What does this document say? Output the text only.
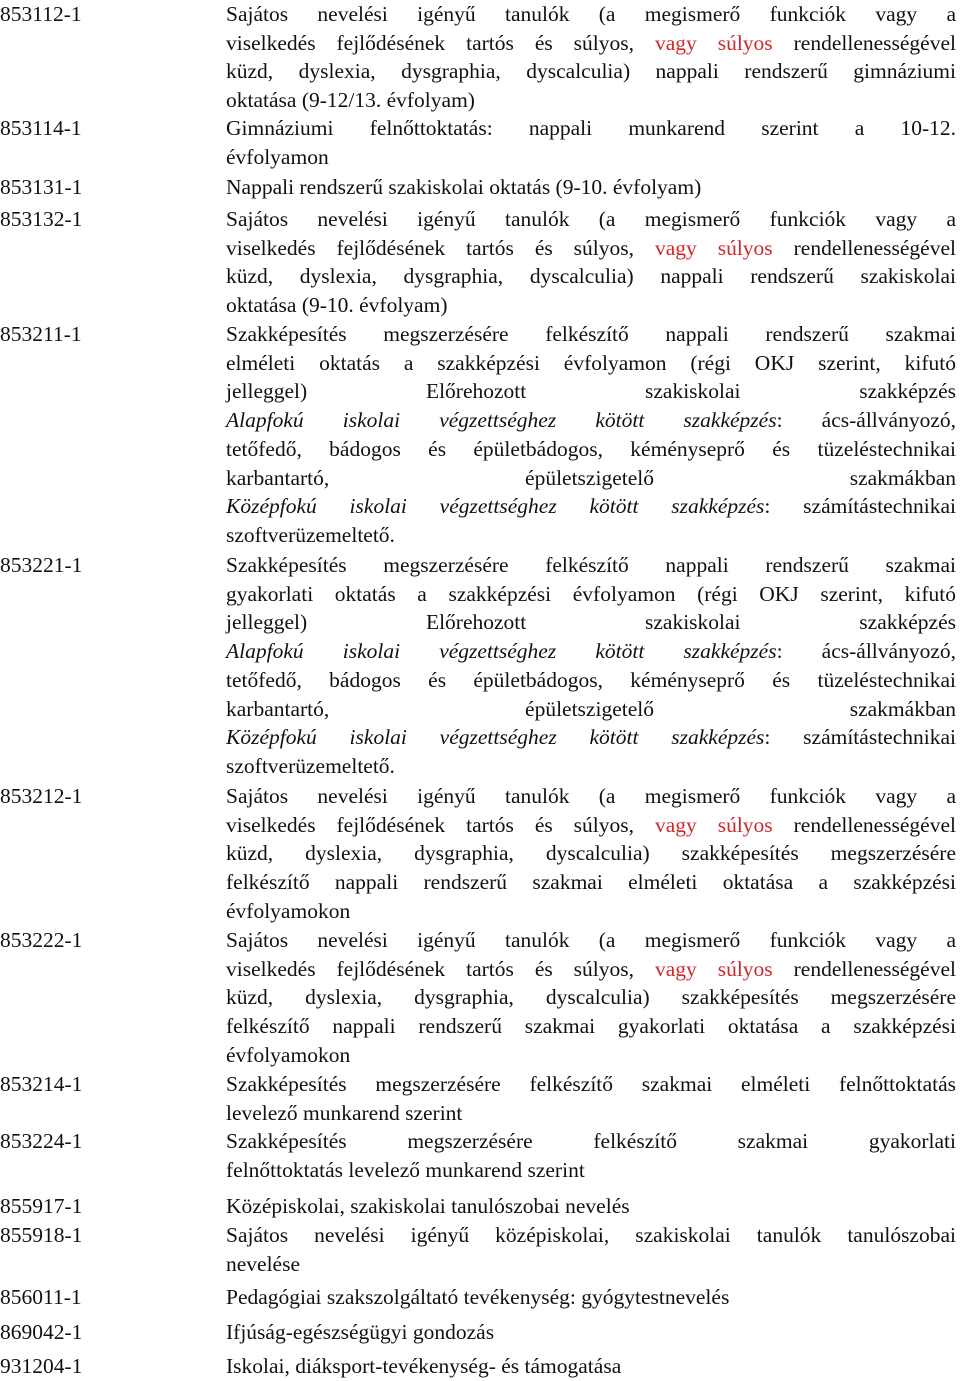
853112-1	Sajátos nevelési igényű tanulók (a megismerő funkciók vagy a
viselkedés fejlődésének tartós és súlyos, vagy súlyos rendellenességével
küzd, dyslexia, dysgraphia, dyscalculia) nappali rendszerű gimnáziumi
oktatása (9-12/13. évfolyam)
853114-1	Gimnáziumi felnőttoktatás: nappali munkarend szerint a 10-12.
évfolyamon
853131-1	Nappali rendszerű szakiskolai oktatás (9-10. évfolyam)
853132-1	Sajátos nevelési igényű tanulók (a megismerő funkciók vagy a
viselkedés fejlődésének tartós és súlyos, vagy súlyos rendellenességével
küzd, dyslexia, dysgraphia, dyscalculia) nappali rendszerű szakiskolai
oktatása (9-10. évfolyam)
853211-1	Szakképesítés megszerzésére felkészítő nappali rendszerű szakmai
elméleti oktatás a szakképzési évfolyamon (régi OKJ szerint, kifutó
jelleggel) Előrehozott szakiskolai szakképzés
Alapfokú iskolai végzettséghez kötött szakképzés: ács-állványozó,
tetőfedő, bádogos és épületbádogos, kéményseprő és tüzeléstechnikai
karbantartó, épületszigetelő szakmákban
Középfokú iskolai végzettséghez kötött szakképzés: számítástechnikai
szoftverüzemeltető.
853221-1	Szakképesítés megszerzésére felkészítő nappali rendszerű szakmai
gyakorlati oktatás a szakképzési évfolyamon (régi OKJ szerint, kifutó
jelleggel) Előrehozott szakiskolai szakképzés
Alapfokú iskolai végzettséghez kötött szakképzés: ács-állványozó,
tetőfedő, bádogos és épületbádogos, kéményseprő és tüzeléstechnikai
karbantartó, épületszigetelő szakmákban
Középfokú iskolai végzettséghez kötött szakképzés: számítástechnikai
szoftverüzemeltető.
853212-1	Sajátos nevelési igényű tanulók (a megismerő funkciók vagy a
viselkedés fejlődésének tartós és súlyos, vagy súlyos rendellenességével
küzd, dyslexia, dysgraphia, dyscalculia) szakképesítés megszerzésére
felkészítő nappali rendszerű szakmai elméleti oktatása a szakképzési
évfolyamokon
853222-1	Sajátos nevelési igényű tanulók (a megismerő funkciók vagy a
viselkedés fejlődésének tartós és súlyos, vagy súlyos rendellenességével
küzd, dyslexia, dysgraphia, dyscalculia) szakképesítés megszerzésére
felkészítő nappali rendszerű szakmai gyakorlati oktatása a szakképzési
évfolyamokon
853214-1	Szakképesítés megszerzésére felkészítő szakmai elméleti felnőttoktatás
levelező munkarend szerint
853224-1	Szakképesítés megszerzésére felkészítő szakmai gyakorlati
felnőttoktatás levelező munkarend szerint
855917-1	Középiskolai, szakiskolai tanulószobai nevelés
855918-1	Sajátos nevelési igényű középiskolai, szakiskolai tanulók tanulószobai
nevelése
856011-1	Pedagógiai szakszolgáltató tevékenység: gyógytestnevelés
869042-1	Ifjúság-egészségügyi gondozás
931204-1	Iskolai, diáksport-tevékenység- és támogatása
